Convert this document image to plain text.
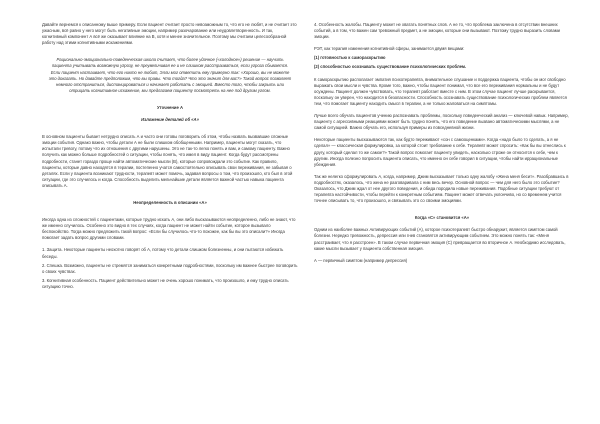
Давайте вернемся к описанному выше примеру. Если пациент считает просто невозможным то, что его не любят, и не считает это ужасным, всё равно у него могут быть негативные эмоции, например разочарование или неудовлетворенность. И так, когнитивный компонент А всё же оказывает влияние на В, хотя и менее значительное. Поэтому мы считаем целесообразной работу над этими когнитивными искажениями.

Рационально-эмоционально-поведенческая школа считает, что более удачное («холодное») решение — научить пациента учитывать возможную угрозу, не преувеличивая ее и не слишком расстраиваться, если угроза сбывается. Если пациент настаивает, что его никто не любит, Элли мог ответить ему примерно так: «Хорошо, вы не можете это доказать. Но давайте предположим, что вы правы. Что тогда? Что это значит для вас?» Такой вопрос позволяет немного отстраниться, дистанцироваться и начинает работать с эмоцией. Вместо того, чтобы закрыть или отрицать когнитивное искажение, мы предлагаем пациенту посмотреть на нее под другим углом.

Уточнение А

Изложение деталей об «А»

В основном пациенты бывает нетрудно описать А и часто они готовы поговорить об этом, чтобы назвать вызвавшие сложные эмоции события. Однако важно, чтобы детали А не были слишком обобщенными. Например, пациенты могут сказать, что испытали тревогу, потому что их отношения с другими нарушены. Это не так-то легко понять и вам, и самому пациенту. Важно получить как можно больше подробностей о ситуации, чтобы понять, что имел в виду пациент. Когда будут рассмотрены подробности, станет гораздо проще найти автоматические мысли (В), которые сопровождали это событие. Как правило, пациенты, которые давно находятся в терапии, постепенно учатся самостоятельно описывать свои переживания, не забывая о деталях. Если у пациента возникают трудности, терапевт может помочь, задавая вопросы о том, что произошло, кто был в этой ситуации, где это случилось и когда. Способность выделить мельчайшие детали является важной частью навыка пациента описывать А.

Неопределенность в описании «А»

Иногда одна из сложностей с пациентами, которые трудно искать А, они либо высказываются неопределенно, либо не знают, что же именно случилось. Особенно это видно в тех случаях, когда пациент не может найти событие, которое вызывало беспокойство. Тогда можно предложить такой вопрос: «Если бы случилось что-то похожее, как бы вы это описали?» Иногда помогает задать вопрос другими словами.

1. Защита. Некоторые пациенты неохотно говорят об А, потому что детали слишком болезненны, и они пытаются избежать беседы.

2. Спешка. Возможно, пациенты не стремятся заниматься конкретными подробностями, поскольку им важнее быстрее поговорить о своих чувствах.

3. Когнитивная особенность. Пациент действительно может не очень хорошо понимать, что произошло, и ему трудно описать ситуацию точно.

4. Особенность жалобы. Пациенту может не хватать понятных слов. А не то, что проблема заключена в отсутствии внешних событий, а в том, что важен сам тревожный предмет, а не эмоции, которые они вызывают. Поэтому трудно выразить словами эмоции.

РЭТ, как терапия изменения когнитивной сферы, занимается двумя вещами:

(1) готовностью к самораскрытию

(2) способностью осознавать существование психологических проблем.

К самораскрытию располагает эмпатия психотерапевта, внимательное слушание и поддержка пациента, чтобы он мог свободно выражать свои мысли и чувства. Кроме того, важно, чтобы пациент понимал, что все его переживания нормальны и не будут осуждены. Пациент должен чувствовать, что терапевт работает вместе с ним. В этом случае пациент лучше раскрывается, поскольку он уверен, что находится в безопасности. Способность осознавать существование психологических проблем является тем, что помогает пациенту находить смысл в терапии, а не только жаловаться на симптомы.

Лучше всего обучать пациентов учению распознавать проблемы, поскольку поведенческий анализ — ключевой навык. Например, пациенту с агрессивными реакциями может быть трудно понять, что его поведение вызвано автоматическими мыслями, а не самой ситуацией. Важно обучать его, используя примеры из повседневной жизни.

Некоторые пациенты высказываются так, как будто переживают «сон с самооценками». Когда «надо было то сделать, а я не сделал» — классическая формулировка, за которой стоит требование к себе. Терапевт может спросить: «Как бы вы отнеслись к другу, который сделал то же самое?» Такой вопрос помогает пациенту увидеть, насколько строже он относится к себе, чем к другим. Иногда полезно попросить пациента описать, что именно он себе говорил в ситуации, чтобы найти иррациональные убеждения.

Так же нелегко сформулировать А, когда, например, Джим высказывает только одну жалобу «Жена меня бесит». Разобравшись в подробностях, оказалось, что жена не разговаривала с ним весь вечер. Основной вопрос — чем для него было это событие? Оказалось, что Джим ждал от нее другого поведения, и обида породила новые переживания. Подобные ситуации требуют от терапевта настойчивости, чтобы перейти к конкретным событиям. Пациент может отвечать уклончиво, но со временем учится точнее описывать то, что произошло, и связывать это со своими эмоциями.

Когда «С» становится «А»

Одним из наиболее важных Активирующих событий (А), которое психотерапевт быстро обнаружит, является симптом самой болезни. Нередко тревожность, депрессия или гнев становятся активирующим событием. Это можно понять так: «Меня расстраивает, что я расстроен». В таком случае первичная эмоция (С) превращается во вторичное А. Необходимо исследовать, какие мысли вызывает у пациента собственная эмоция.

А — первичный симптом (например депрессия)
